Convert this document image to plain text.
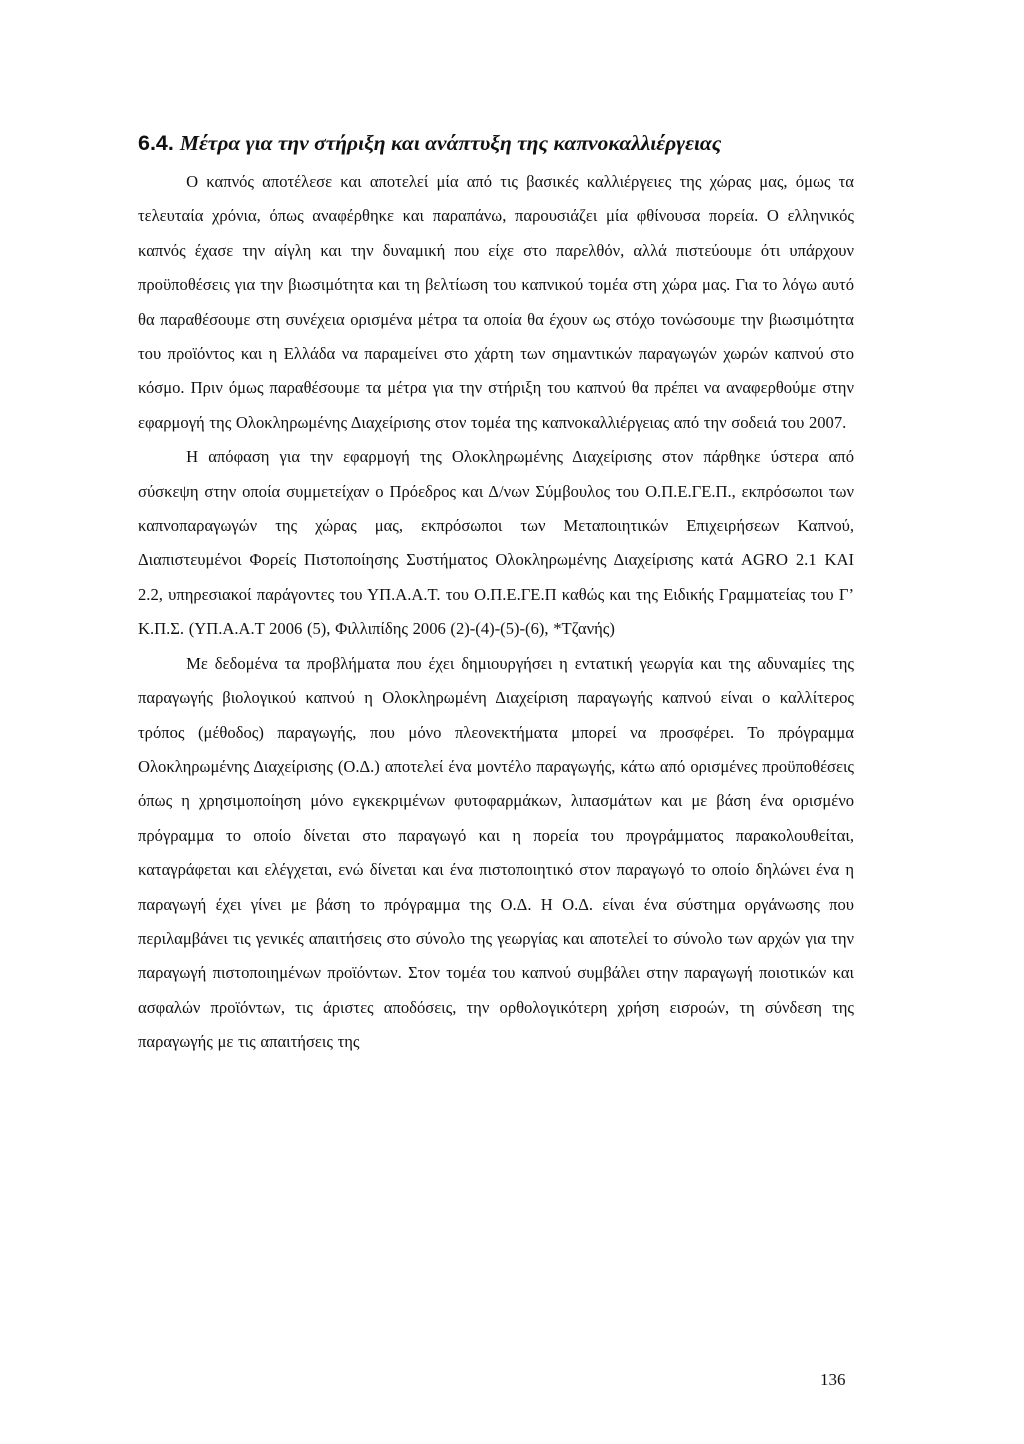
6.4. Μέτρα για την στήριξη και ανάπτυξη της καπνοκαλλιέργειας

Ο καπνός αποτέλεσε και αποτελεί μία από τις βασικές καλλιέργειες της χώρας μας, όμως τα τελευταία χρόνια, όπως αναφέρθηκε και παραπάνω, παρουσιάζει μία φθίνουσα πορεία. Ο ελληνικός καπνός έχασε την αίγλη και την δυναμική που είχε στο παρελθόν, αλλά πιστεύουμε ότι υπάρχουν προϋποθέσεις για την βιωσιμότητα και τη βελτίωση του καπνικού τομέα στη χώρα μας. Για το λόγω αυτό θα παραθέσουμε στη συνέχεια ορισμένα μέτρα τα οποία θα έχουν ως στόχο τονώσουμε την βιωσιμότητα του προϊόντος και η Ελλάδα να παραμείνει στο χάρτη των σημαντικών παραγωγών χωρών καπνού στο κόσμο. Πριν όμως παραθέσουμε τα μέτρα για την στήριξη του καπνού θα πρέπει να αναφερθούμε στην εφαρμογή της Ολοκληρωμένης Διαχείρισης στον τομέα της καπνοκαλλιέργειας από την σοδειά του 2007.

Η απόφαση για την εφαρμογή της Ολοκληρωμένης Διαχείρισης στον πάρθηκε ύστερα από σύσκεψη στην οποία συμμετείχαν ο Πρόεδρος και Δ/νων Σύμβουλος του Ο.Π.Ε.ΓΕ.Π., εκπρόσωποι των καπνοπαραγωγών της χώρας μας, εκπρόσωποι των Μεταποιητικών Επιχειρήσεων Καπνού, Διαπιστευμένοι Φορείς Πιστοποίησης Συστήματος Ολοκληρωμένης Διαχείρισης κατά AGRO 2.1 ΚΑΙ 2.2, υπηρεσιακοί παράγοντες του ΥΠ.Α.Α.Τ. του Ο.Π.Ε.ΓΕ.Π καθώς και της Ειδικής Γραμματείας του Γ’ Κ.Π.Σ. (ΥΠ.Α.Α.Τ 2006 (5), Φιλλιπίδης 2006 (2)-(4)-(5)-(6), *Τζανής)

Με δεδομένα τα προβλήματα που έχει δημιουργήσει η εντατική γεωργία και της αδυναμίες της παραγωγής βιολογικού καπνού η Ολοκληρωμένη Διαχείριση παραγωγής καπνού είναι ο καλλίτερος τρόπος (μέθοδος) παραγωγής, που μόνο πλεονεκτήματα μπορεί να προσφέρει. Το πρόγραμμα Ολοκληρωμένης Διαχείρισης (Ο.Δ.) αποτελεί ένα μοντέλο παραγωγής, κάτω από ορισμένες προϋποθέσεις όπως η χρησιμοποίηση μόνο εγκεκριμένων φυτοφαρμάκων, λιπασμάτων και με βάση ένα ορισμένο πρόγραμμα το οποίο δίνεται στο παραγωγό και η πορεία του προγράμματος παρακολουθείται, καταγράφεται και ελέγχεται, ενώ δίνεται και ένα πιστοποιητικό στον παραγωγό το οποίο δηλώνει ένα η παραγωγή έχει γίνει με βάση το πρόγραμμα της Ο.Δ. Η Ο.Δ. είναι ένα σύστημα οργάνωσης που περιλαμβάνει τις γενικές απαιτήσεις στο σύνολο της γεωργίας και αποτελεί το σύνολο των αρχών για την παραγωγή πιστοποιημένων προϊόντων. Στον τομέα του καπνού συμβάλει στην παραγωγή ποιοτικών και ασφαλών προϊόντων, τις άριστες αποδόσεις, την ορθολογικότερη χρήση εισροών, τη σύνδεση της παραγωγής με τις απαιτήσεις της

136
